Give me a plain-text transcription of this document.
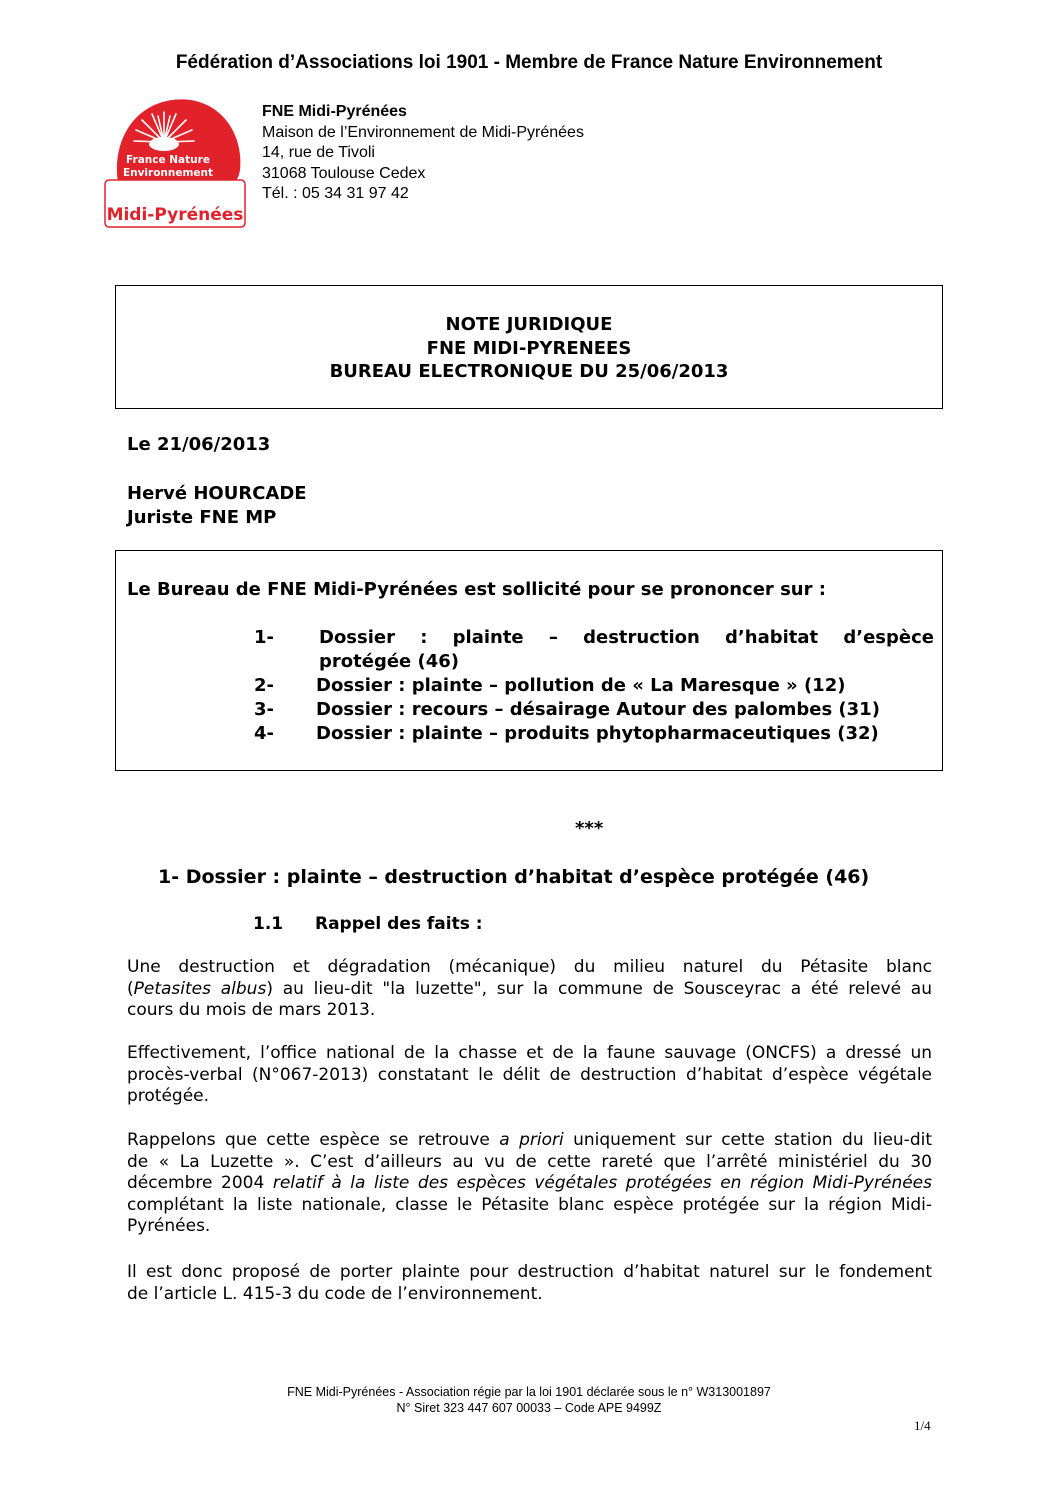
Fédération d’Associations loi 1901 - Membre de France Nature Environnement
France Nature
Environnement
Midi-Pyrénées
FNE Midi-Pyrénées
Maison de l’Environnement de Midi-Pyrénées
14, rue de Tivoli
31068 Toulouse Cedex
Tél. : 05 34 31 97 42
NOTE JURIDIQUE
FNE MIDI-PYRENEES
BUREAU ELECTRONIQUE DU 25/06/2013
Le 21/06/2013
Hervé HOURCADE
Juriste FNE MP
Le Bureau de FNE Midi-Pyrénées est sollicité pour se prononcer sur :
1-	Dossier : plainte – destruction d’habitat d’espèce
protégée (46)
2- Dossier : plainte – pollution de « La Maresque » (12)
3- Dossier : recours – désairage Autour des palombes (31)
4- Dossier : plainte – produits phytopharmaceutiques (32)
***
1- Dossier : plainte – destruction d’habitat d’espèce protégée (46)
1.1 Rappel des faits :
Une destruction et dégradation (mécanique) du milieu naturel du Pétasite blanc
(Petasites albus) au lieu-dit "la luzette", sur la commune de Sousceyrac a été relevé au
cours du mois de mars 2013.
Effectivement, l’office national de la chasse et de la faune sauvage (ONCFS) a dressé un
procès-verbal (N°067-2013) constatant le délit de destruction d’habitat d’espèce végétale
protégée.
Rappelons que cette espèce se retrouve a priori uniquement sur cette station du lieu-dit
de « La Luzette ». C’est d’ailleurs au vu de cette rareté que l’arrêté ministériel du 30
décembre 2004 relatif à la liste des espèces végétales protégées en région Midi-Pyrénées
complétant la liste nationale, classe le Pétasite blanc espèce protégée sur la région Midi-
Pyrénées.
Il est donc proposé de porter plainte pour destruction d’habitat naturel sur le fondement
de l’article L. 415-3 du code de l’environnement.
FNE Midi-Pyrénées - Association régie par la loi 1901 déclarée sous le n° W313001897
N° Siret 323 447 607 00033 – Code APE 9499Z
1/4
